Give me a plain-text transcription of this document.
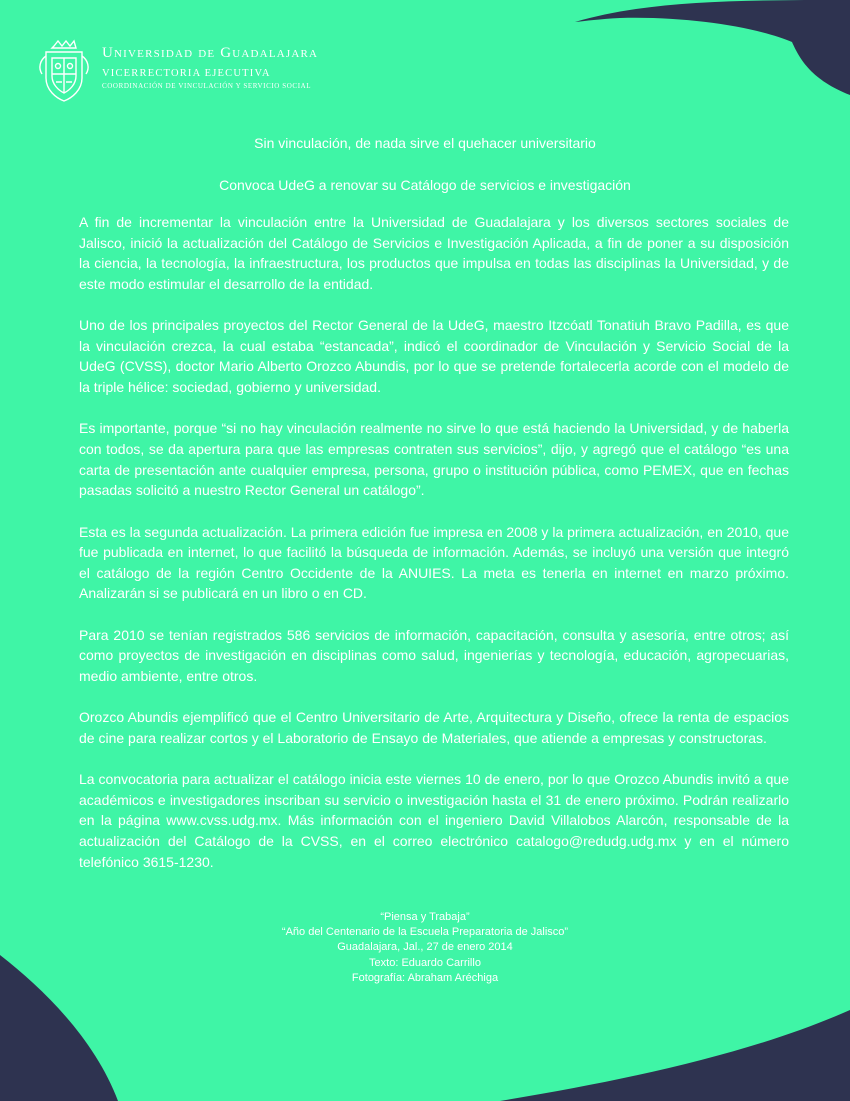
Universidad de Guadalajara
VICERRECTORIA EJECUTIVA
COORDINACIÓN DE VINCULACIÓN Y SERVICIO SOCIAL
Sin vinculación, de nada sirve el quehacer universitario
Convoca UdeG a renovar su Catálogo de servicios e investigación

A fin de incrementar la vinculación entre la Universidad de Guadalajara y los diversos sectores sociales de Jalisco, inició la actualización del Catálogo de Servicios e Investigación Aplicada, a fin de poner a su disposición la ciencia, la tecnología, la infraestructura, los productos que impulsa en todas las disciplinas la Universidad, y de este modo estimular el desarrollo de la entidad.

Uno de los principales proyectos del Rector General de la UdeG, maestro Itzcóatl Tonatiuh Bravo Padilla, es que la vinculación crezca, la cual estaba “estancada”, indicó el coordinador de Vinculación y Servicio Social de la UdeG (CVSS), doctor Mario Alberto Orozco Abundis, por lo que se pretende fortalecerla acorde con el modelo de la triple hélice: sociedad, gobierno y universidad.

Es importante, porque “si no hay vinculación realmente no sirve lo que está haciendo la Universidad, y de haberla con todos, se da apertura para que las empresas contraten sus servicios”, dijo, y agregó que el catálogo “es una carta de presentación ante cualquier empresa, persona, grupo o institución pública, como PEMEX, que en fechas pasadas solicitó a nuestro Rector General un catálogo”.

Esta es la segunda actualización. La primera edición fue impresa en 2008 y la primera actualización, en 2010, que fue publicada en internet, lo que facilitó la búsqueda de información. Además, se incluyó una versión que integró el catálogo de la región Centro Occidente de la ANUIES. La meta es tenerla en internet en marzo próximo. Analizarán si se publicará en un libro o en CD.

Para 2010 se tenían registrados 586 servicios de información, capacitación, consulta y asesoría, entre otros; así como proyectos de investigación en disciplinas como salud, ingenierías y tecnología, educación, agropecuarias, medio ambiente, entre otros.

Orozco Abundis ejemplificó que el Centro Universitario de Arte, Arquitectura y Diseño, ofrece la renta de espacios de cine para realizar cortos y el Laboratorio de Ensayo de Materiales, que atiende a empresas y constructoras.

La convocatoria para actualizar el catálogo inicia este viernes 10 de enero, por lo que Orozco Abundis invitó a que académicos e investigadores inscriban su servicio o investigación hasta el 31 de enero próximo. Podrán realizarlo en la página www.cvss.udg.mx. Más información con el ingeniero David Villalobos Alarcón, responsable de la actualización del Catálogo de la CVSS, en el correo electrónico catalogo@redudg.udg.mx y en el número telefónico 3615-1230.

“Piensa y Trabaja”
“Año del Centenario de la Escuela Preparatoria de Jalisco”
Guadalajara, Jal., 27 de enero 2014
Texto: Eduardo Carrillo
Fotografía: Abraham Aréchiga
